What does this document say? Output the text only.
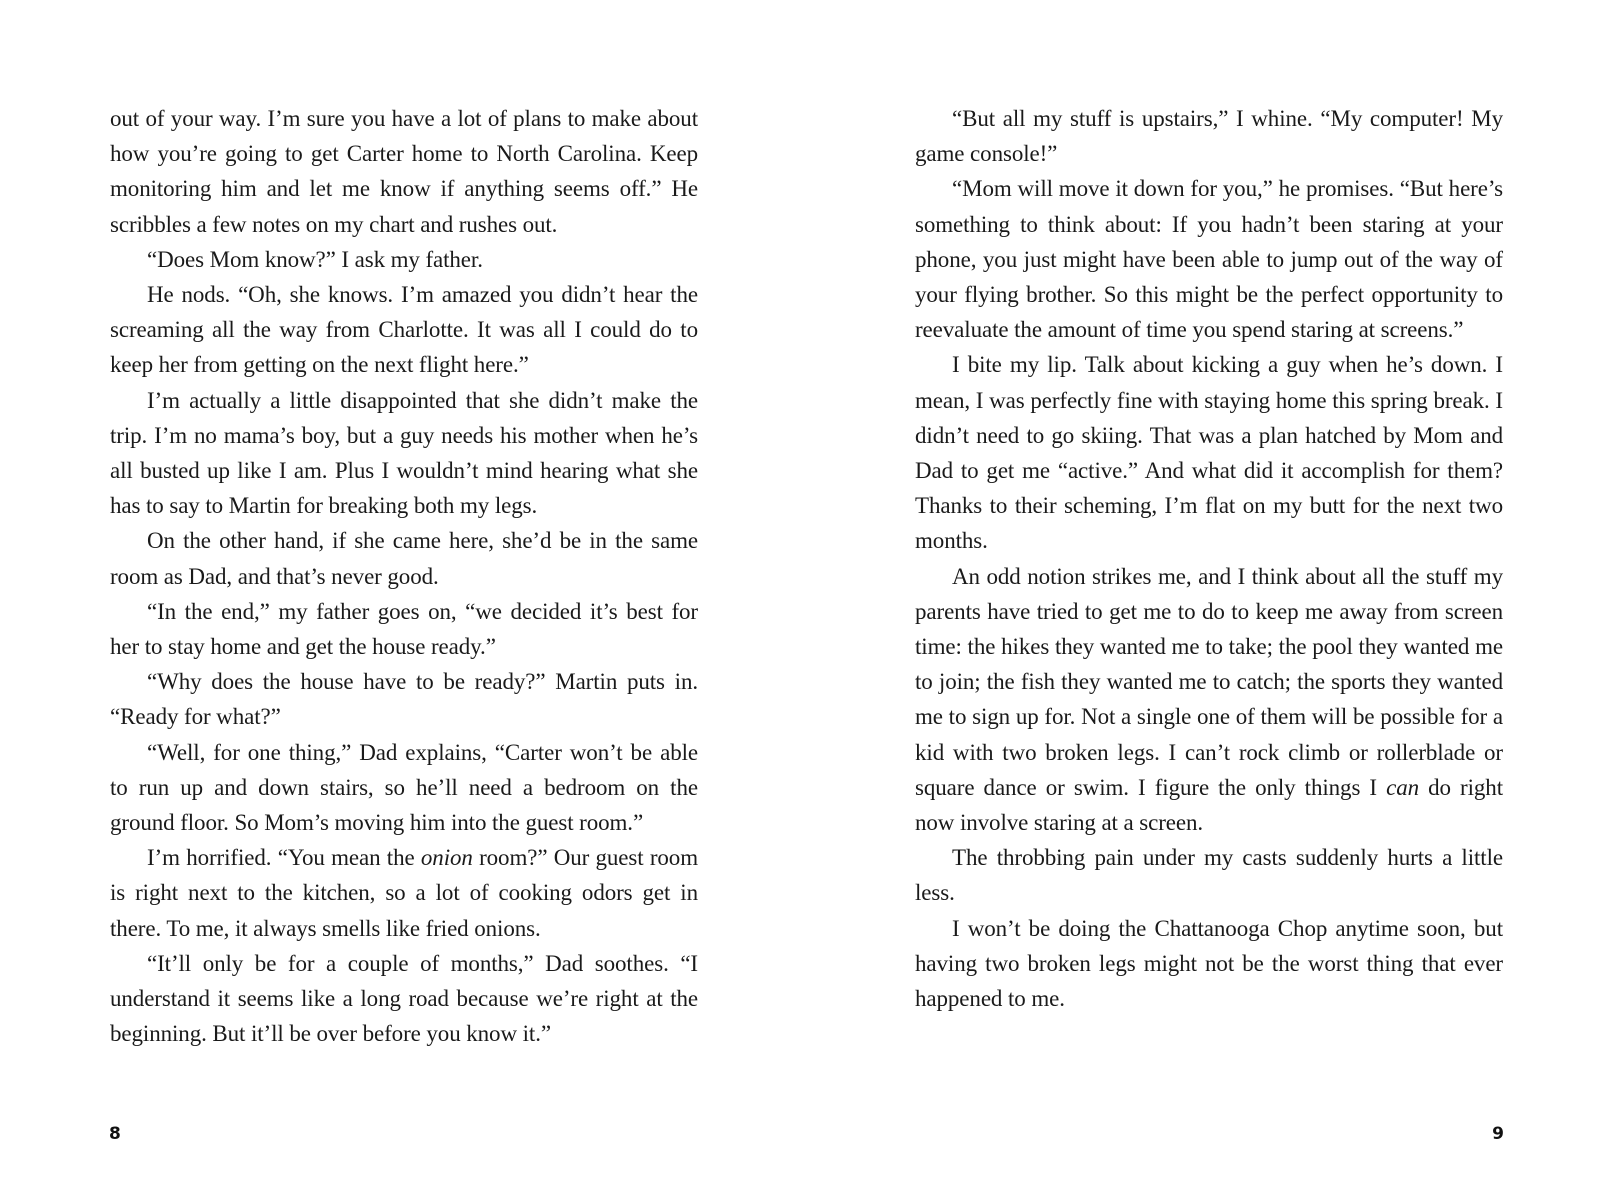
out of your way. I’m sure you have a lot of plans to make about how you’re going to get Carter home to North Carolina. Keep monitoring him and let me know if anything seems off.” He scribbles a few notes on my chart and rushes out.

“Does Mom know?” I ask my father.

He nods. “Oh, she knows. I’m amazed you didn’t hear the screaming all the way from Charlotte. It was all I could do to keep her from getting on the next flight here.”

I’m actually a little disappointed that she didn’t make the trip. I’m no mama’s boy, but a guy needs his mother when he’s all busted up like I am. Plus I wouldn’t mind hearing what she has to say to Martin for breaking both my legs.

On the other hand, if she came here, she’d be in the same room as Dad, and that’s never good.

“In the end,” my father goes on, “we decided it’s best for her to stay home and get the house ready.”

“Why does the house have to be ready?” Martin puts in. “Ready for what?”

“Well, for one thing,” Dad explains, “Carter won’t be able to run up and down stairs, so he’ll need a bedroom on the ground floor. So Mom’s moving him into the guest room.”

I’m horrified. “You mean the onion room?” Our guest room is right next to the kitchen, so a lot of cooking odors get in there. To me, it always smells like fried onions.

“It’ll only be for a couple of months,” Dad soothes. “I understand it seems like a long road because we’re right at the beginning. But it’ll be over before you know it.”

8

“But all my stuff is upstairs,” I whine. “My computer! My game console!”

“Mom will move it down for you,” he promises. “But here’s something to think about: If you hadn’t been staring at your phone, you just might have been able to jump out of the way of your flying brother. So this might be the perfect opportunity to reevaluate the amount of time you spend staring at screens.”

I bite my lip. Talk about kicking a guy when he’s down. I mean, I was perfectly fine with staying home this spring break. I didn’t need to go skiing. That was a plan hatched by Mom and Dad to get me “active.” And what did it accomplish for them? Thanks to their scheming, I’m flat on my butt for the next two months.

An odd notion strikes me, and I think about all the stuff my parents have tried to get me to do to keep me away from screen time: the hikes they wanted me to take; the pool they wanted me to join; the fish they wanted me to catch; the sports they wanted me to sign up for. Not a single one of them will be possible for a kid with two broken legs. I can’t rock climb or rollerblade or square dance or swim. I figure the only things I can do right now involve staring at a screen.

The throbbing pain under my casts suddenly hurts a little less.

I won’t be doing the Chattanooga Chop anytime soon, but having two broken legs might not be the worst thing that ever happened to me.

9
